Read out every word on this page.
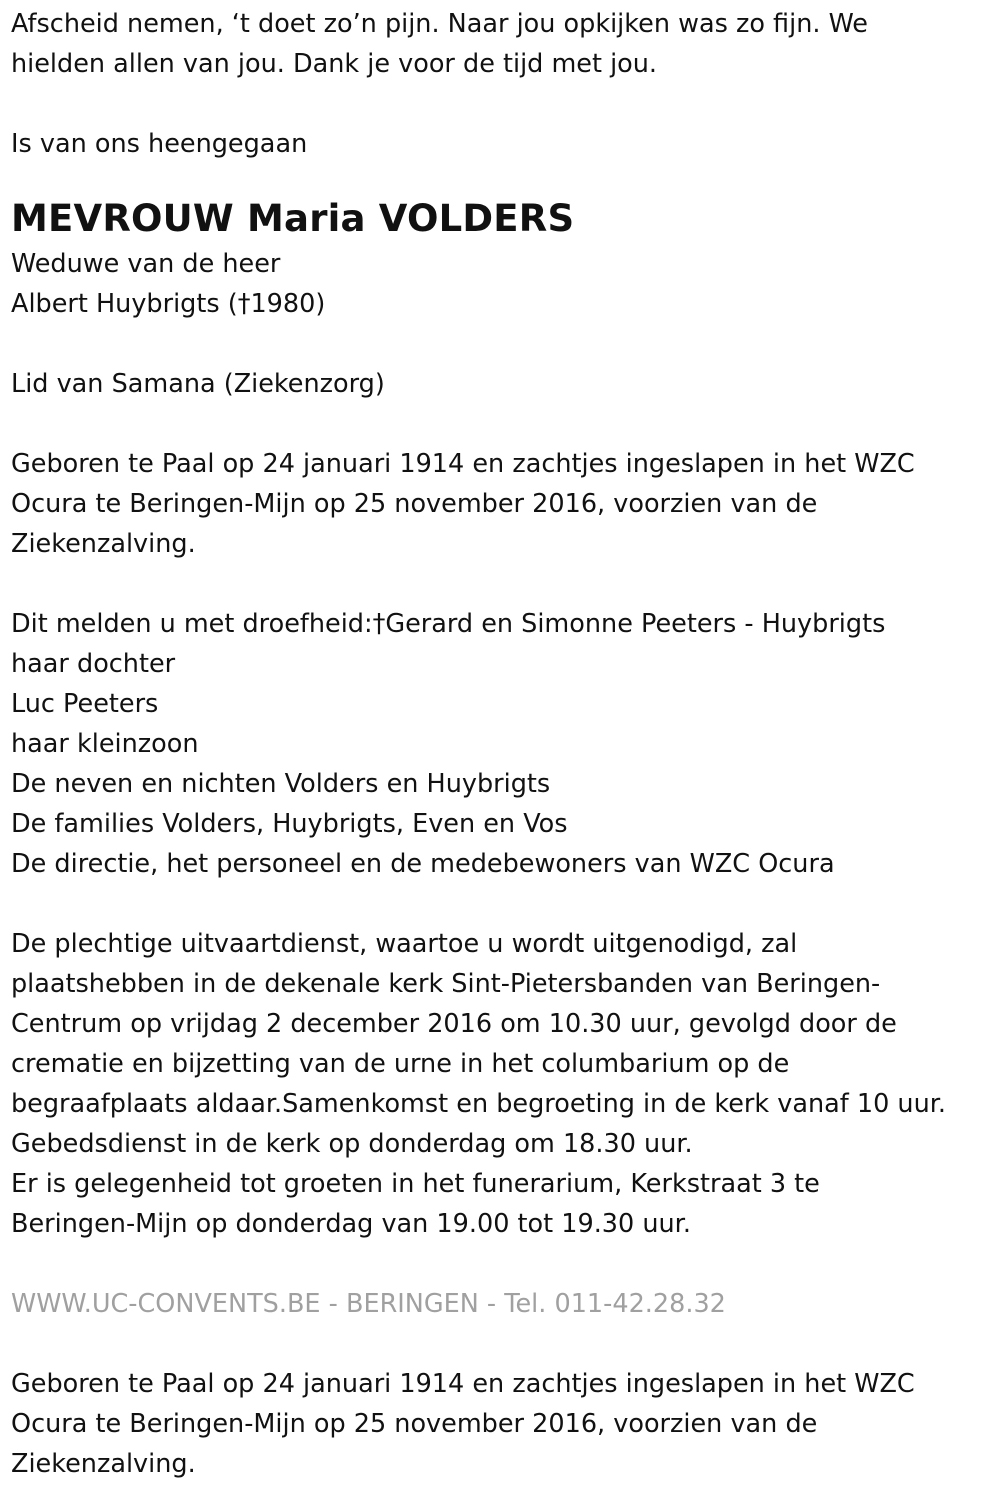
Afscheid nemen, ‘t doet zo’n pijn. Naar jou opkijken was zo fijn. We
hielden allen van jou. Dank je voor de tijd met jou.
Is van ons heengegaan
MEVROUW Maria VOLDERS
Weduwe van de heer
Albert Huybrigts (†1980)
Lid van Samana (Ziekenzorg)
Geboren te Paal op 24 januari 1914 en zachtjes ingeslapen in het WZC
Ocura te Beringen-Mijn op 25 november 2016, voorzien van de
Ziekenzalving.
Dit melden u met droefheid:†Gerard en Simonne Peeters - Huybrigts
haar dochter
Luc Peeters
haar kleinzoon
De neven en nichten Volders en Huybrigts
De families Volders, Huybrigts, Even en Vos
De directie, het personeel en de medebewoners van WZC Ocura
De plechtige uitvaartdienst, waartoe u wordt uitgenodigd, zal
plaatshebben in de dekenale kerk Sint-Pietersbanden van Beringen-
Centrum op vrijdag 2 december 2016 om 10.30 uur, gevolgd door de
crematie en bijzetting van de urne in het columbarium op de
begraafplaats aldaar.Samenkomst en begroeting in de kerk vanaf 10 uur.
Gebedsdienst in de kerk op donderdag om 18.30 uur.
Er is gelegenheid tot groeten in het funerarium, Kerkstraat 3 te
Beringen-Mijn op donderdag van 19.00 tot 19.30 uur.
WWW.UC-CONVENTS.BE - BERINGEN - Tel. 011-42.28.32
Geboren te Paal op 24 januari 1914 en zachtjes ingeslapen in het WZC
Ocura te Beringen-Mijn op 25 november 2016, voorzien van de
Ziekenzalving.
